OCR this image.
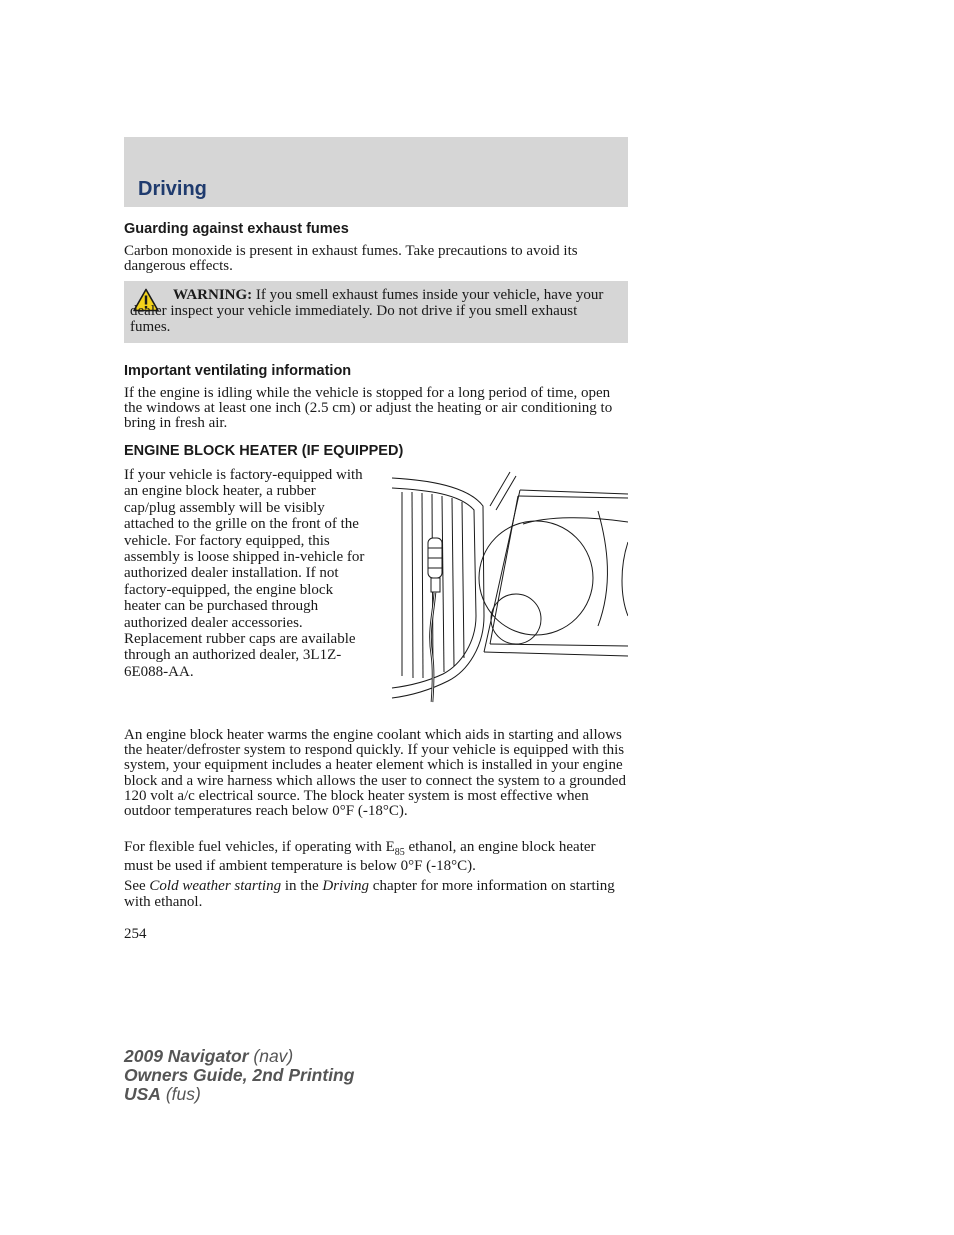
Driving
Guarding against exhaust fumes
Carbon monoxide is present in exhaust fumes. Take precautions to avoid its dangerous effects.
WARNING: If you smell exhaust fumes inside your vehicle, have your dealer inspect your vehicle immediately. Do not drive if you smell exhaust fumes.
Important ventilating information
If the engine is idling while the vehicle is stopped for a long period of time, open the windows at least one inch (2.5 cm) or adjust the heating or air conditioning to bring in fresh air.
ENGINE BLOCK HEATER (IF EQUIPPED)
If your vehicle is factory-equipped with an engine block heater, a rubber cap/plug assembly will be visibly attached to the grille on the front of the vehicle. For factory equipped, this assembly is loose shipped in-vehicle for authorized dealer installation. If not factory-equipped, the engine block heater can be purchased through authorized dealer accessories. Replacement rubber caps are available through an authorized dealer, 3L1Z-6E088-AA.
An engine block heater warms the engine coolant which aids in starting and allows the heater/defroster system to respond quickly. If your vehicle is equipped with this system, your equipment includes a heater element which is installed in your engine block and a wire harness which allows the user to connect the system to a grounded 120 volt a/c electrical source. The block heater system is most effective when outdoor temperatures reach below 0°F (-18°C).
For flexible fuel vehicles, if operating with $E_{85}$ ethanol, an engine block heater must be used if ambient temperature is below 0°F (-18°C).
See Cold weather starting in the Driving chapter for more information on starting with ethanol.
254
2009 Navigator (nav)
Owners Guide, 2nd Printing
USA (fus)
